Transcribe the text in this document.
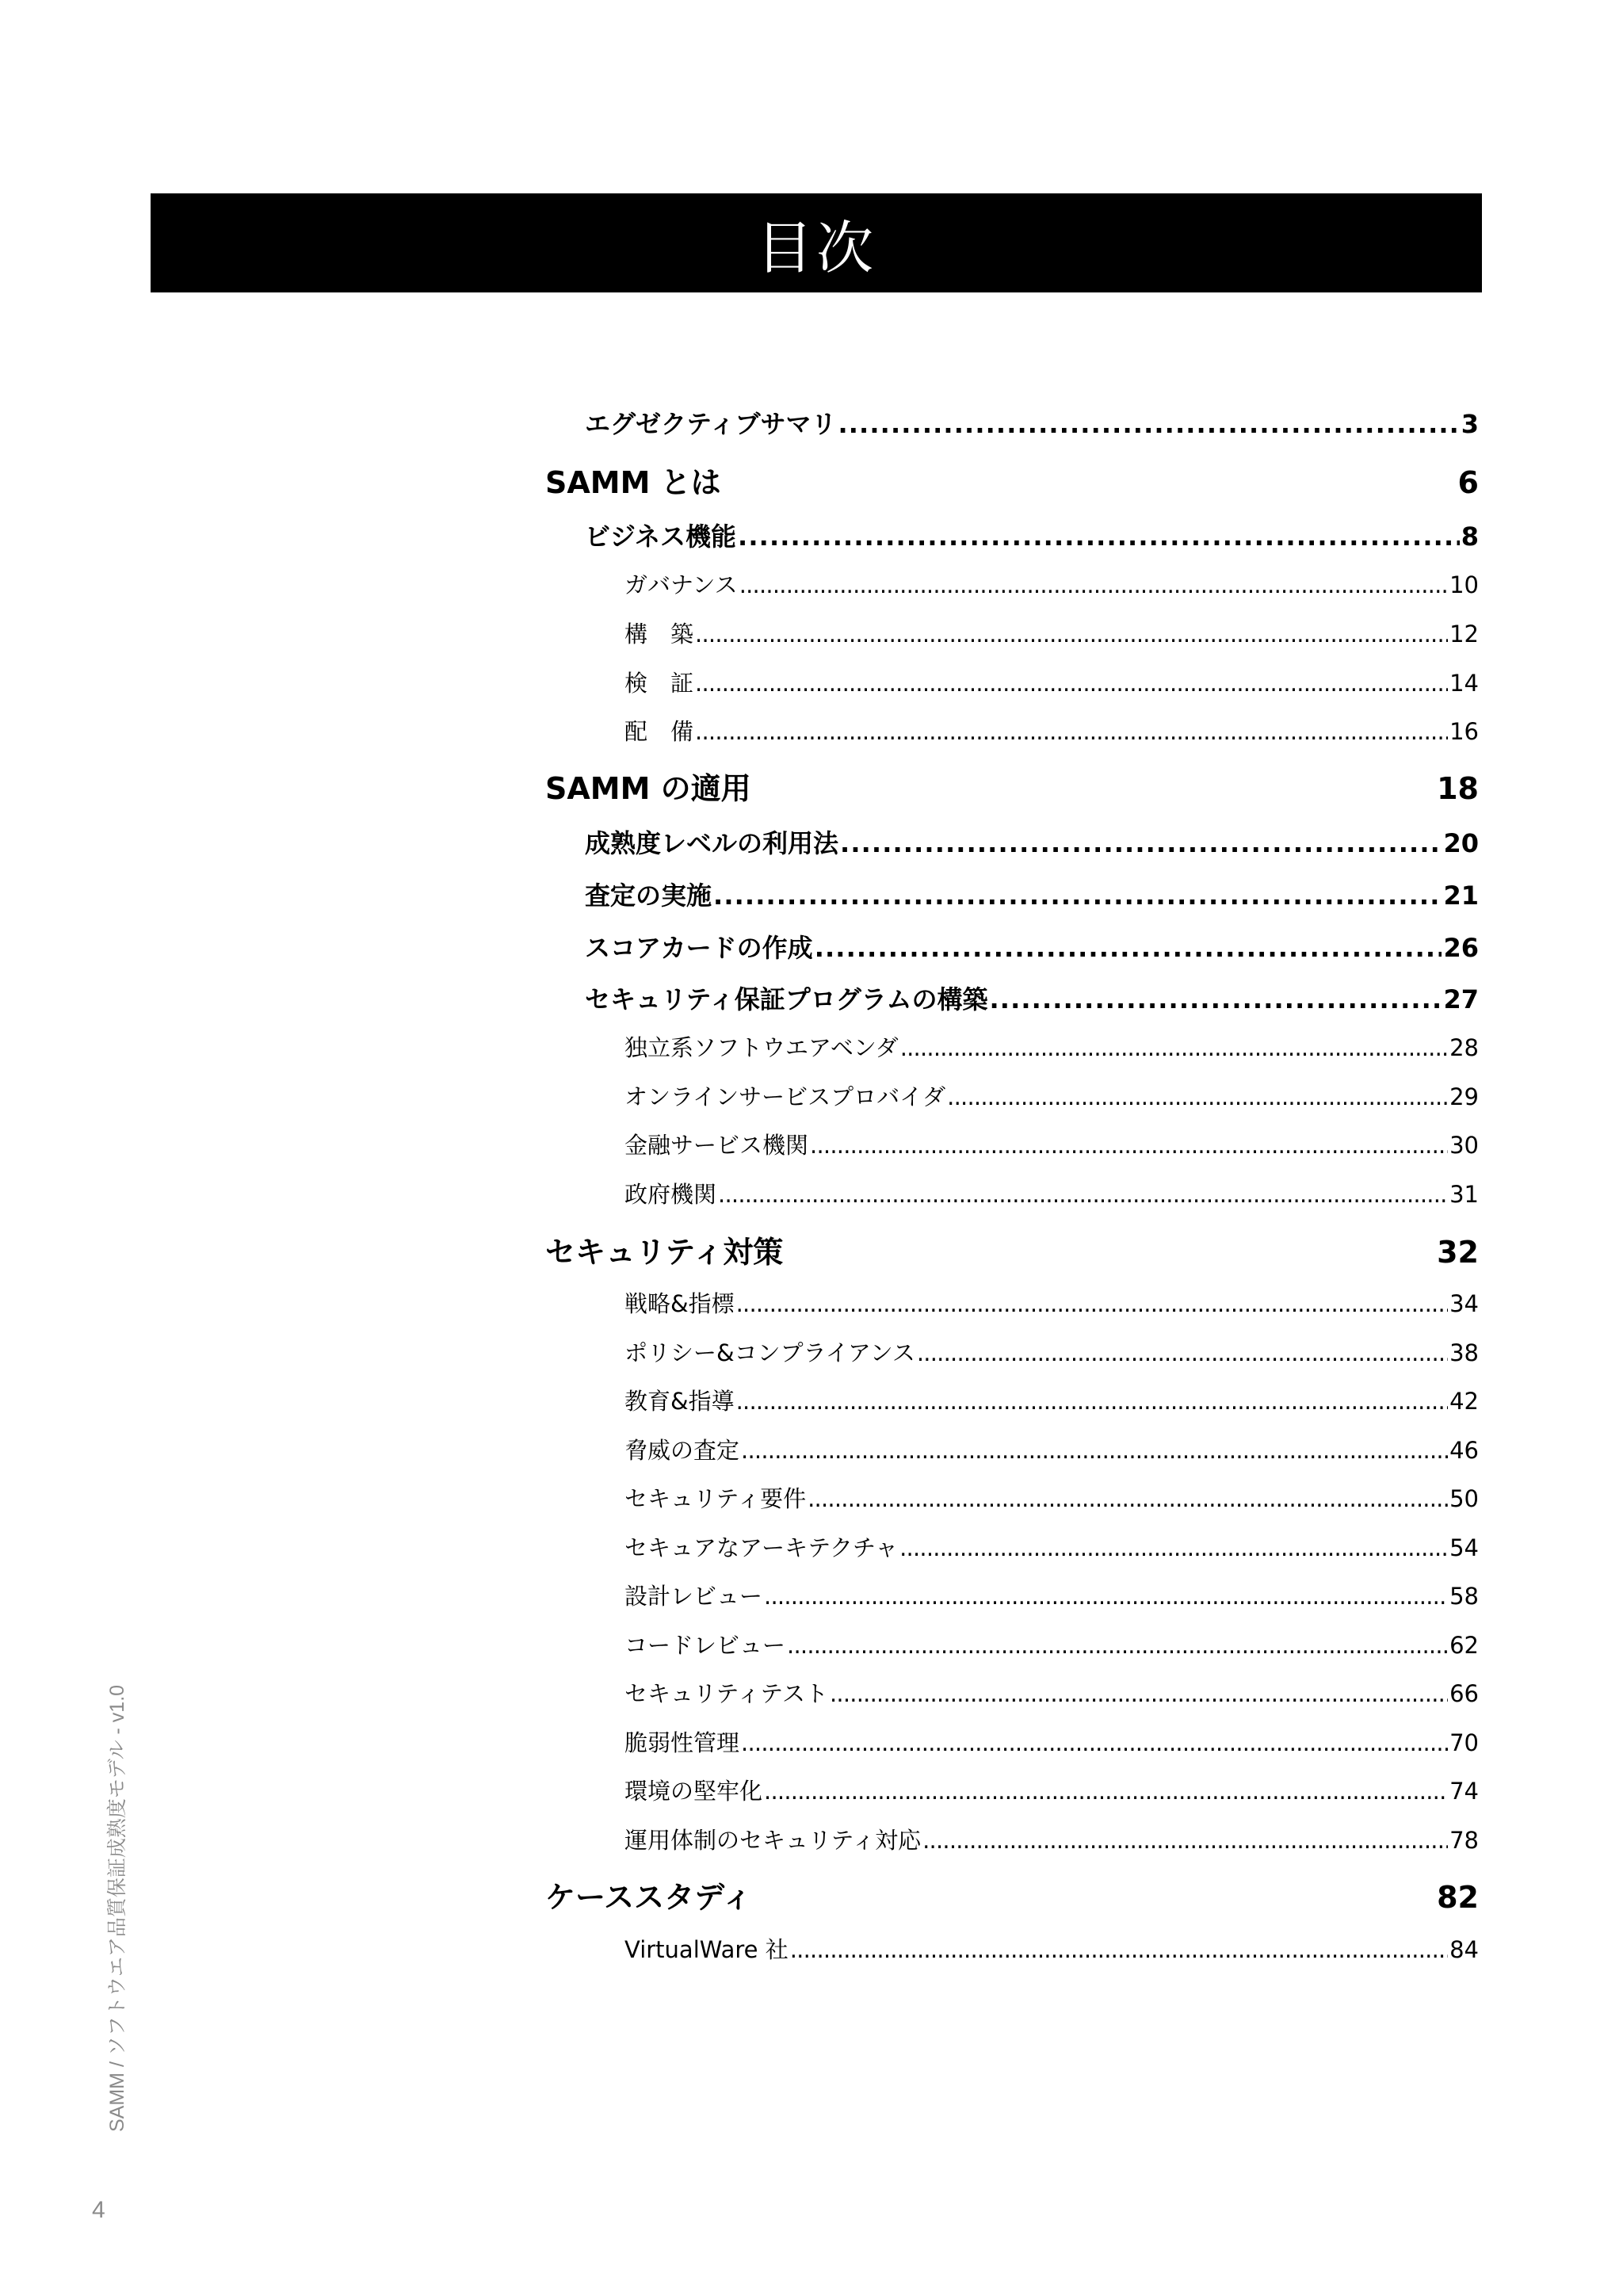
目次
エグゼクティブサマリ . . .	3
SAMM とは	6
ビジネス機能 . . .	8
ガバナンス . . .	10
構　築 . . .	12
検　証 . . .	14
配　備 . . .	16
SAMM の適用	18
成熟度レベルの利用法 . . .	20
査定の実施 . . .	21
スコアカードの作成 . . .	26
セキュリティ保証プログラムの構築 . . .	27
独立系ソフトウエアベンダ . . .	28
オンラインサービスプロバイダ . . .	29
金融サービス機関 . . .	30
政府機関 . . .	31
セキュリティ対策	32
戦略&指標 . . .	34
ポリシー&コンプライアンス . . .	38
教育&指導 . . .	42
脅威の査定 . . .	46
セキュリティ要件 . . .	50
セキュアなアーキテクチャ . . .	54
設計レビュー . . .	58
コードレビュー . . .	62
セキュリティテスト . . .	66
脆弱性管理 . . .	70
環境の堅牢化 . . .	74
運用体制のセキュリティ対応 . . .	78
ケーススタディ	82
VirtualWare 社 . . .	84
SAMM / ソフトウエア品質保証成熟度モデル - v1.0
4
